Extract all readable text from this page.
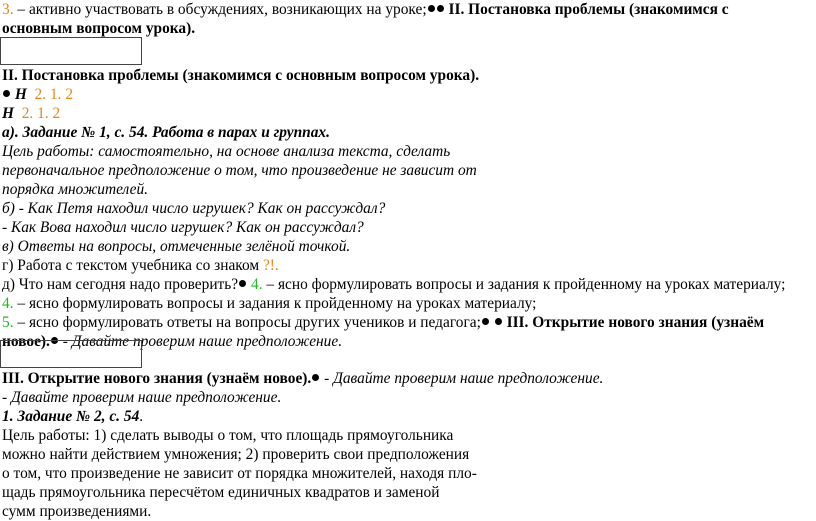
3. – активно участвовать в обсуждениях, возникающих на уроке; II. Постановка проблемы (знакомимся с
основным вопросом урока).
II. Постановка проблемы (знакомимся с основным вопросом урока).
Н 2. 1. 2
Н 2. 1. 2
а). Задание № 1, с. 54. Работа в парах и группах.
Цель работы: самостоятельно, на основе анализа текста, сделать
первоначальное предположение о том, что произведение не зависит от
порядка множителей.
б) - Как Петя находил число игрушек? Как он рассуждал?
- Как Вова находил число игрушек? Как он рассуждал?
в) Ответы на вопросы, отмеченные зелёной точкой.
г) Работа с текстом учебника со знаком ?!.
д) Что нам сегодня надо проверить? 4. – ясно формулировать вопросы и задания к пройденному на уроках материалу;
4. – ясно формулировать вопросы и задания к пройденному на уроках материалу;
5. – ясно формулировать ответы на вопросы других учеников и педагога;  III. Открытие нового знания (узнаём
новое). - Давайте проверим наше предположение.
III. Открытие нового знания (узнаём новое). - Давайте проверим наше предположение.
- Давайте проверим наше предположение.
1. Задание № 2, с. 54.
Цель работы: 1) сделать выводы о том, что площадь прямоугольника
можно найти действием умножения; 2) проверить свои предположения
о том, что произведение не зависит от порядка множителей, находя пло-
щадь прямоугольника пересчётом единичных квадратов и заменой
сумм произведениями.
